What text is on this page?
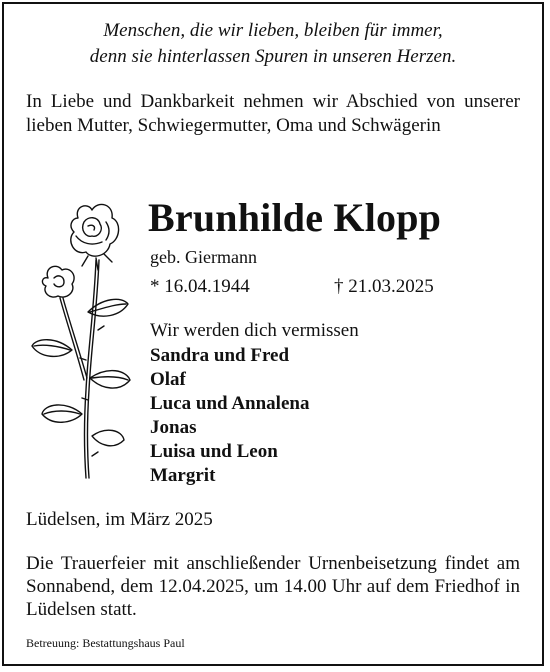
Menschen, die wir lieben, bleiben für immer,
denn sie hinterlassen Spuren in unseren Herzen.
In Liebe und Dankbarkeit nehmen wir Abschied von unserer lieben Mutter, Schwiegermutter, Oma und Schwägerin
Brunhilde Klopp
geb. Giermann
* 16.04.1944	† 21.03.2025
Wir werden dich vermissen
Sandra und Fred
Olaf
Luca und Annalena
Jonas
Luisa und Leon
Margrit
Lüdelsen, im März 2025
Die Trauerfeier mit anschließender Urnenbeisetzung findet am Sonnabend, dem 12.04.2025, um 14.00 Uhr auf dem Friedhof in Lüdelsen statt.
Betreuung: Bestattungshaus Paul
